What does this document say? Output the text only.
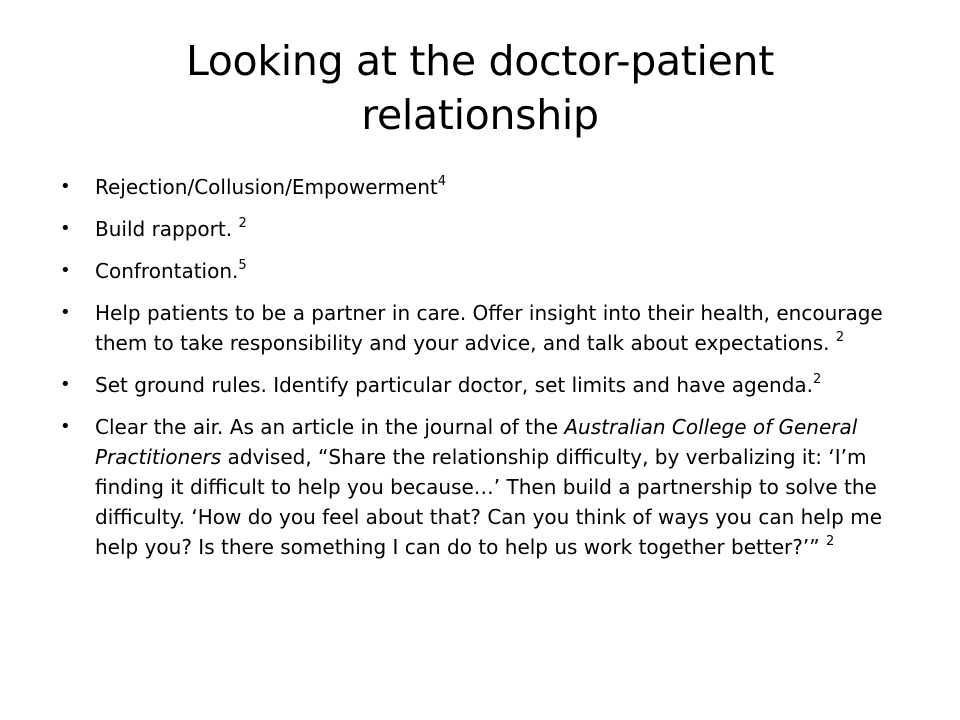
Looking at the doctor-patient
relationship
• Rejection/Collusion/Empowerment$^4$
• Build rapport. $^2$
• Confrontation.$^5$
• Help patients to be a partner in care. Offer insight into their health, encourage them to take responsibility and your advice, and talk about expectations. $^2$
• Set ground rules. Identify particular doctor, set limits and have agenda.$^2$
• Clear the air. As an article in the journal of the Australian College of General Practitioners advised, “Share the relationship difficulty, by verbalizing it: ‘I’m finding it difficult to help you because…’ Then build a partnership to solve the difficulty. ‘How do you feel about that? Can you think of ways you can help me help you? Is there something I can do to help us work together better?’” $^2$
